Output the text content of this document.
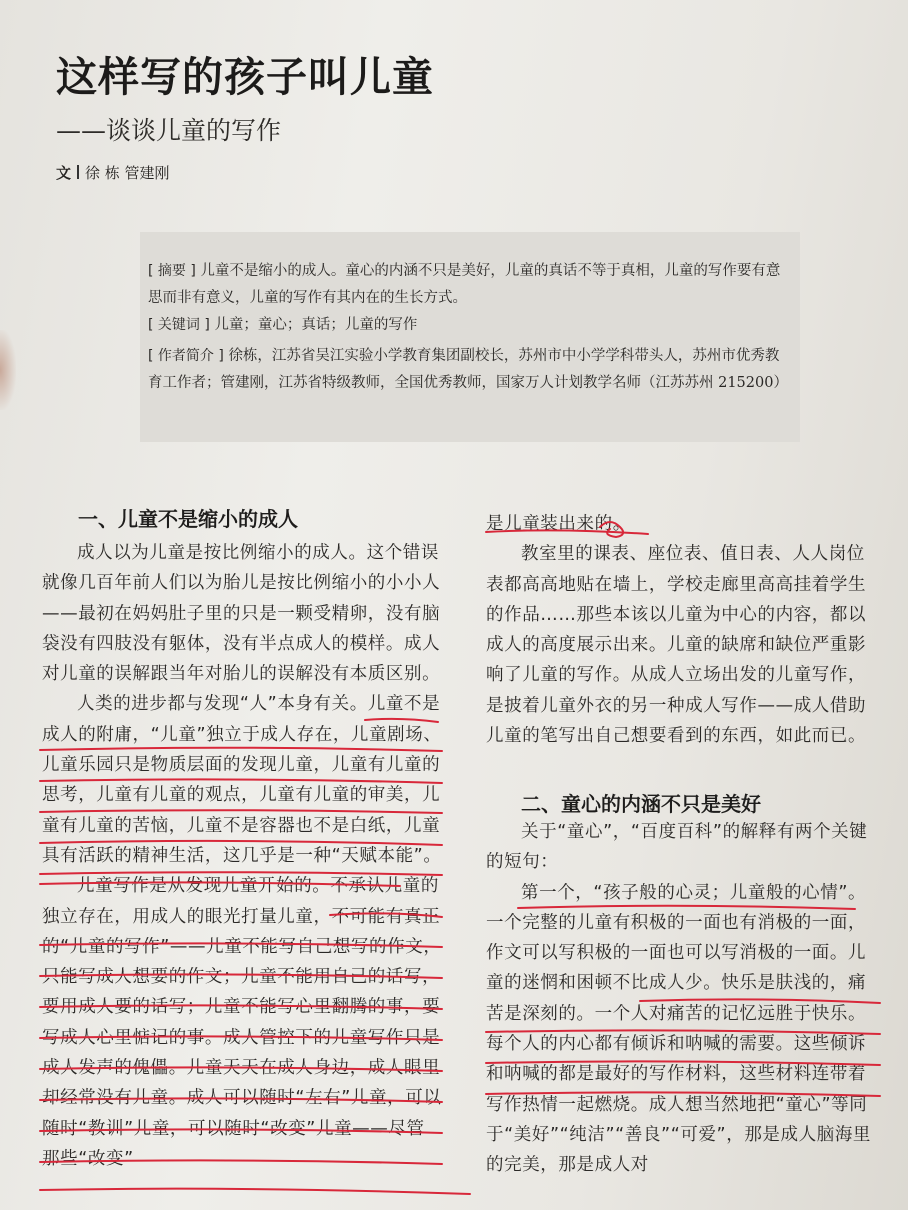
这样写的孩子叫儿童
——谈谈儿童的写作
文 徐 栋 管建刚
[ 摘要 ] 儿童不是缩小的成人。童心的内涵不只是美好，儿童的真话不等于真相，儿童的写作要有意思而非有意义，儿童的写作有其内在的生长方式。
[ 关键词 ] 儿童；童心；真话；儿童的写作
[ 作者简介 ] 徐栋，江苏省吴江实验小学教育集团副校长，苏州市中小学学科带头人，苏州市优秀教育工作者；管建刚，江苏省特级教师，全国优秀教师，国家万人计划教学名师（江苏苏州 215200）
一、儿童不是缩小的成人

成人以为儿童是按比例缩小的成人。这个错误就像几百年前人们以为胎儿是按比例缩小的小小人——最初在妈妈肚子里的只是一颗受精卵，没有脑袋没有四肢没有躯体，没有半点成人的模样。成人对儿童的误解跟当年对胎儿的误解没有本质区别。

人类的进步都与发现“人”本身有关。儿童不是成人的附庸，“儿童”独立于成人存在，儿童剧场、儿童乐园只是物质层面的发现儿童，儿童有儿童的思考，儿童有儿童的观点，儿童有儿童的审美，儿童有儿童的苦恼，儿童不是容器也不是白纸，儿童具有活跃的精神生活，这几乎是一种“天赋本能”。

儿童写作是从发现儿童开始的。不承认儿童的独立存在，用成人的眼光打量儿童，不可能有真正的“儿童的写作”——儿童不能写自己想写的作文，只能写成人想要的作文；儿童不能用自己的话写，要用成人要的话写；儿童不能写心里翻腾的事，要写成人心里惦记的事。成人管控下的儿童写作只是成人发声的傀儡。儿童天天在成人身边，成人眼里却经常没有儿童。成人可以随时“左右”儿童，可以随时“教训”儿童，可以随时“改变”儿童——尽管那些“改变”

是儿童装出来的。

教室里的课表、座位表、值日表、人人岗位表都高高地贴在墙上，学校走廊里高高挂着学生的作品……那些本该以儿童为中心的内容，都以成人的高度展示出来。儿童的缺席和缺位严重影响了儿童的写作。从成人立场出发的儿童写作，是披着儿童外衣的另一种成人写作——成人借助儿童的笔写出自己想要看到的东西，如此而已。

二、童心的内涵不只是美好

关于“童心”，“百度百科”的解释有两个关键的短句：

第一个，“孩子般的心灵；儿童般的心情”。一个完整的儿童有积极的一面也有消极的一面，作文可以写积极的一面也可以写消极的一面。儿童的迷惘和困顿不比成人少。快乐是肤浅的，痛苦是深刻的。一个人对痛苦的记忆远胜于快乐。每个人的内心都有倾诉和呐喊的需要。这些倾诉和呐喊的都是最好的写作材料，这些材料连带着写作热情一起燃烧。成人想当然地把“童心”等同于“美好”“纯洁”“善良”“可爱”，那是成人脑海里的完美，那是成人对
